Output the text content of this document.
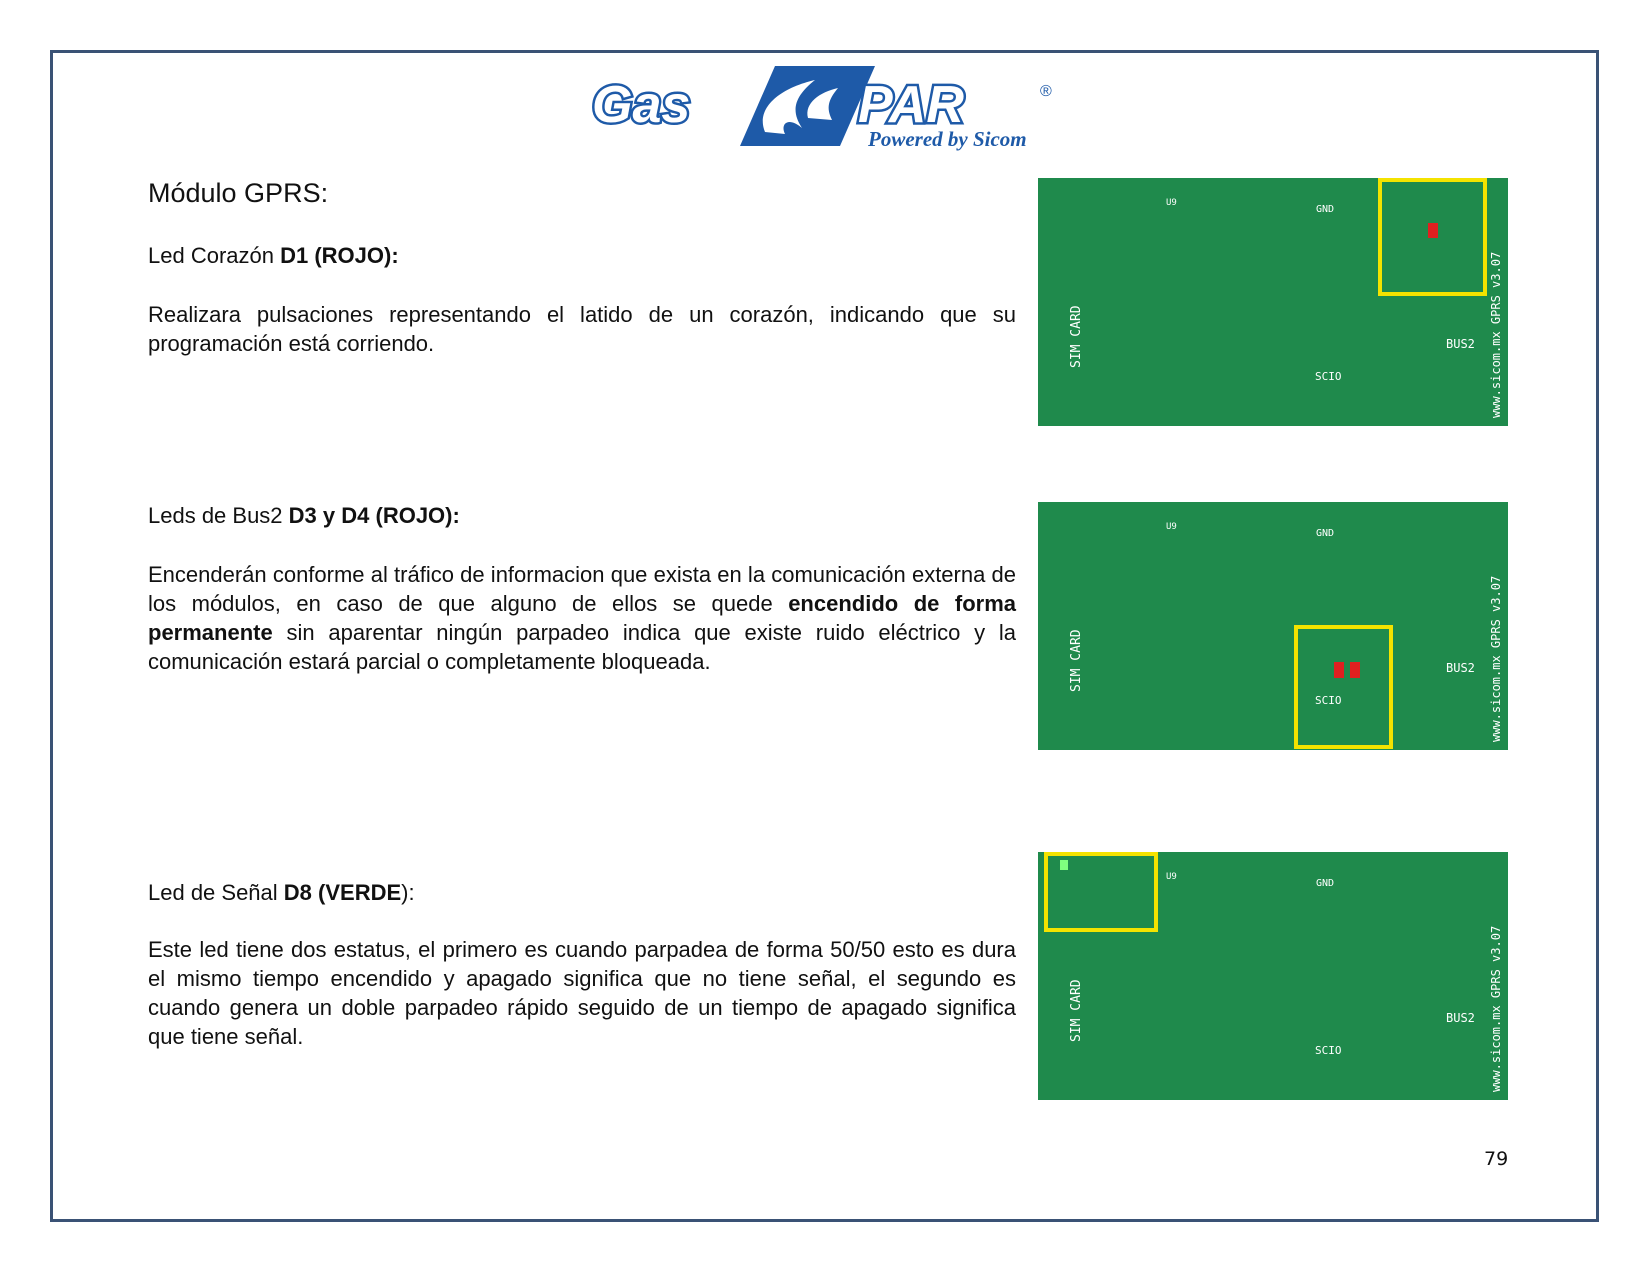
Gas	PAR	®
Powered by Sicom
Módulo GPRS:
Led Corazón D1 (ROJO):

Realizara pulsaciones representando el latido de un corazón, indicando que su programación está corriendo.

Leds de Bus2 D3 y D4 (ROJO):

Encenderán conforme al tráfico de informacion que exista en la comunicación externa de los módulos, en caso de que alguno de ellos se quede encendido de forma permanente sin aparentar ningún parpadeo indica que existe ruido eléctrico y la comunicación estará parcial o completamente bloqueada.

Led de Señal D8 (VERDE):

Este led tiene dos estatus, el primero es cuando parpadea de forma 50/50 esto es dura el mismo tiempo encendido y apagado significa que no tiene señal, el segundo es cuando genera un doble parpadeo rápido seguido de un tiempo de apagado significa que tiene señal.

SIM CARD
GND
BUS2
SCIO
U9
www.sicom.mx GPRS v3.07
SIM CARD
GND
BUS2
SCIO
U9
www.sicom.mx GPRS v3.07
SIM CARD
GND
BUS2
SCIO
U9
www.sicom.mx GPRS v3.07
79
